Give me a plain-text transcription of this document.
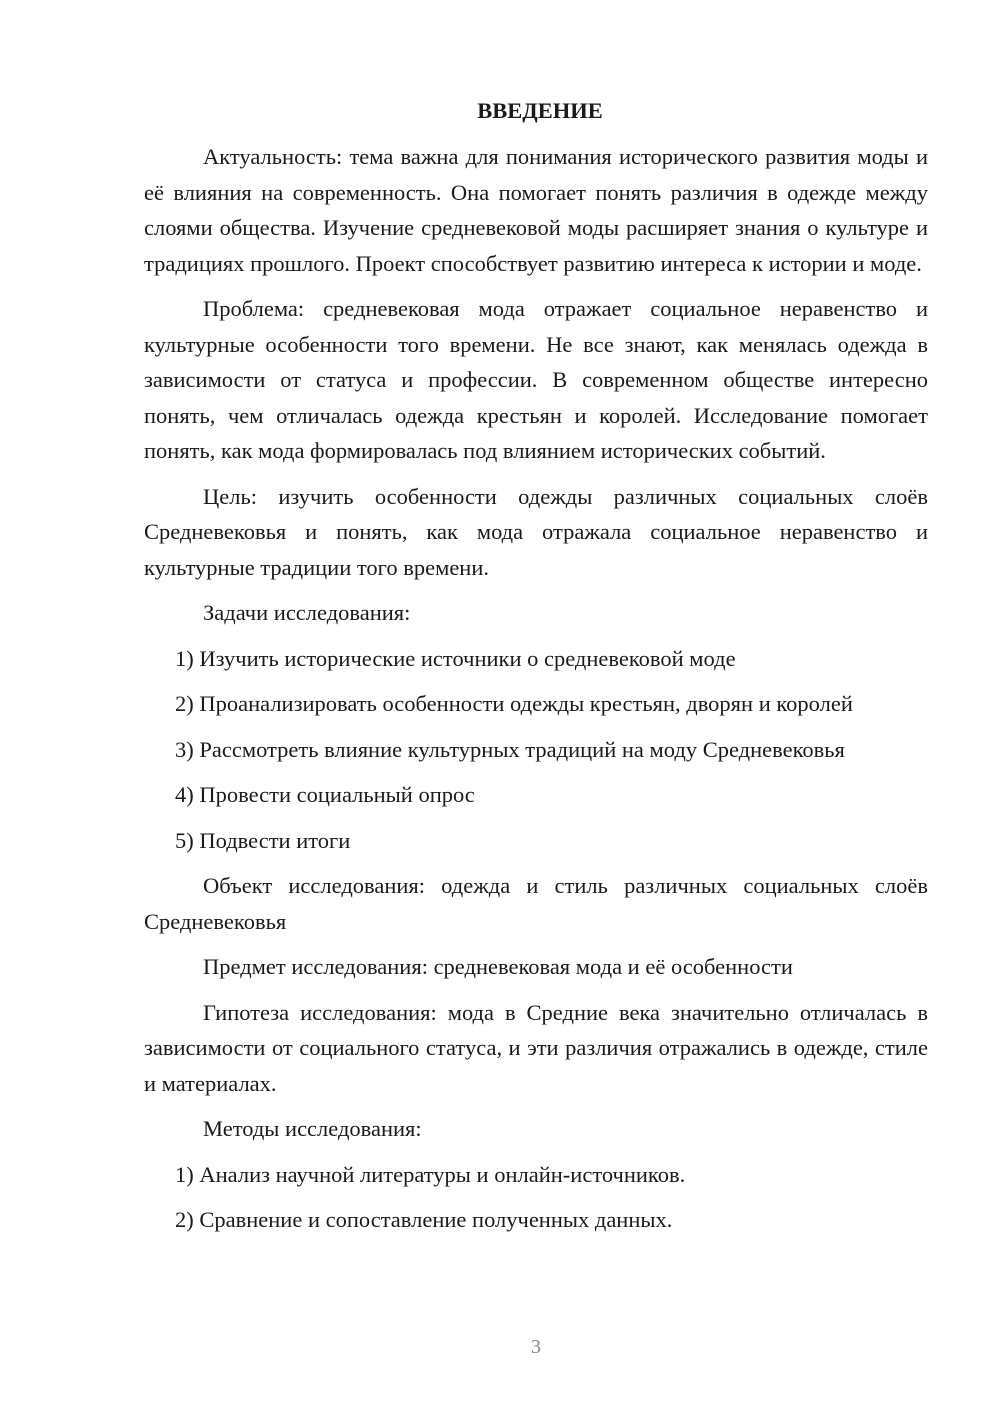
ВВЕДЕНИЕ

Актуальность: тема важна для понимания исторического развития моды и её влияния на современность. Она помогает понять различия в одежде между слоями общества. Изучение средневековой моды расширяет знания о культуре и традициях прошлого. Проект способствует развитию интереса к истории и моде.

Проблема: средневековая мода отражает социальное неравенство и культурные особенности того времени. Не все знают, как менялась одежда в зависимости от статуса и профессии. В современном обществе интересно понять, чем отличалась одежда крестьян и королей. Исследование помогает понять, как мода формировалась под влиянием исторических событий.

Цель: изучить особенности одежды различных социальных слоёв Средневековья и понять, как мода отражала социальное неравенство и культурные традиции того времени.

Задачи исследования:

1) Изучить исторические источники о средневековой моде
2) Проанализировать особенности одежды крестьян, дворян и королей
3) Рассмотреть влияние культурных традиций на моду Средневековья
4) Провести социальный опрос
5) Подвести итоги

Объект исследования: одежда и стиль различных социальных слоёв Средневековья

Предмет исследования: средневековая мода и её особенности

Гипотеза исследования: мода в Средние века значительно отличалась в зависимости от социального статуса, и эти различия отражались в одежде, стиле и материалах.

Методы исследования:

1) Анализ научной литературы и онлайн-источников.
2) Сравнение и сопоставление полученных данных.
3
